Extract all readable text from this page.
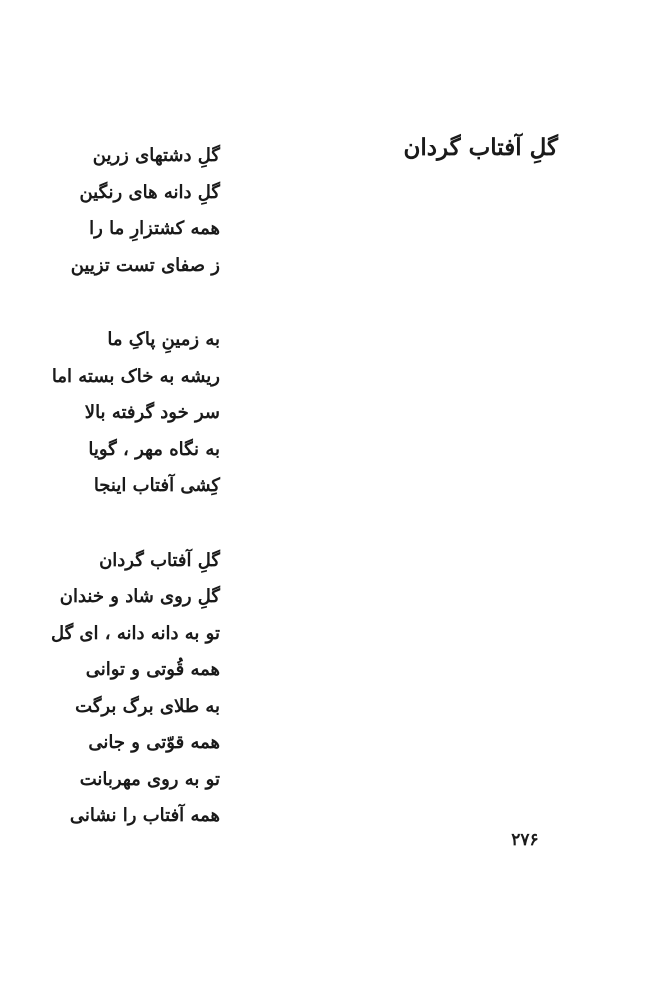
گلِ آفتاب گردان
گلِ دشتهای زرین
گلِ دانه های رنگین
همه کشتزارِ ما را
ز صفای تست تزیین
به زمینِ پاکِ ما
ریشه به خاک بسته اما
سر خود گرفته بالا
به نگاه مهر ، گویا
کِشی آفتاب اینجا
گلِ آفتاب گردان
گلِ روی شاد و خندان
تو به دانه دانه ، ای گل
همه قُوتی و توانی
به طلای برگ برگت
همه قوّتی و جانی
تو به روی مهربانت
همه آفتاب را نشانی
۲۷۶
